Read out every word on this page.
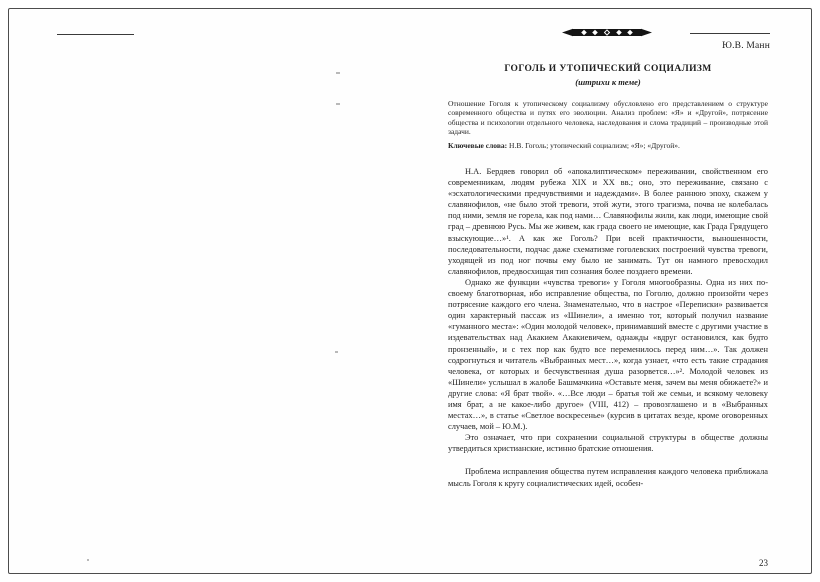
Ю.В. Манн
ГОГОЛЬ И УТОПИЧЕСКИЙ СОЦИАЛИЗМ
(штрихи к теме)
Отношение Гоголя к утопическому социализму обусловлено его представлением о структуре современного общества и путях его эволюции. Анализ проблем: «Я» и «Другой», потрясение общества и психологии отдельного человека, наследования и слома традиций – производные этой задачи.
Ключевые слова: Н.В. Гоголь; утопический социализм; «Я»; «Другой».

Н.А. Бердяев говорил об «апокалиптическом» переживании, свойственном его современникам, людям рубежа XIX и XX вв.; оно, это переживание, связано с «эсхатологическими предчувствиями и надеждами». В более раннюю эпоху, скажем у славянофилов, «не было этой тревоги, этой жути, этого трагизма, почва не колебалась под ними, земля не горела, как под нами… Славянофилы жили, как люди, имеющие свой град – древнюю Русь. Мы же живем, как града своего не имеющие, как Града Грядущего взыскующие…»¹. А как же Гоголь? При всей практичности, выношенности, последовательности, подчас даже схематизме гоголевских построений чувства тревоги, уходящей из под ног почвы ему было не занимать. Тут он намного превосходил славянофилов, предвосхищая тип сознания более позднего времени.

Однако же функции «чувства тревоги» у Гоголя многообразны. Одна из них по-своему благотворная, ибо исправление общества, по Гоголю, должно произойти через потрясение каждого его члена. Знаменательно, что в настрое «Переписки» развивается один характерный пассаж из «Шинели», а именно тот, который получил название «гуманного места»: «Один молодой человек», принимавший вместе с другими участие в издевательствах над Акакием Акакиевичем, однажды «вдруг остановился, как будто пронзенный», и с тех пор как будто все переменилось перед ним…». Так должен содрогнуться и читатель «Выбранных мест…», когда узнает, «что есть такие страдания человека, от которых и бесчувственная душа разорвется…»². Молодой человек из «Шинели» услышал в жалобе Башмачкина «Оставьте меня, зачем вы меня обижаете?» и другие слова: «Я брат твой». «…Все люди – братья той же семьи, и всякому человеку имя брат, а не какое-либо другое» (VIII, 412) – провозглашено и в «Выбранных местах…», в статье «Светлое воскресенье» (курсив в цитатах везде, кроме оговоренных случаев, мой – Ю.М.).

Это означает, что при сохранении социальной структуры в обществе должны утвердиться христианские, истинно братские отношения.

Проблема исправления общества путем исправления каждого человека приближала мысль Гоголя к кругу социалистических идей, особен-

23
